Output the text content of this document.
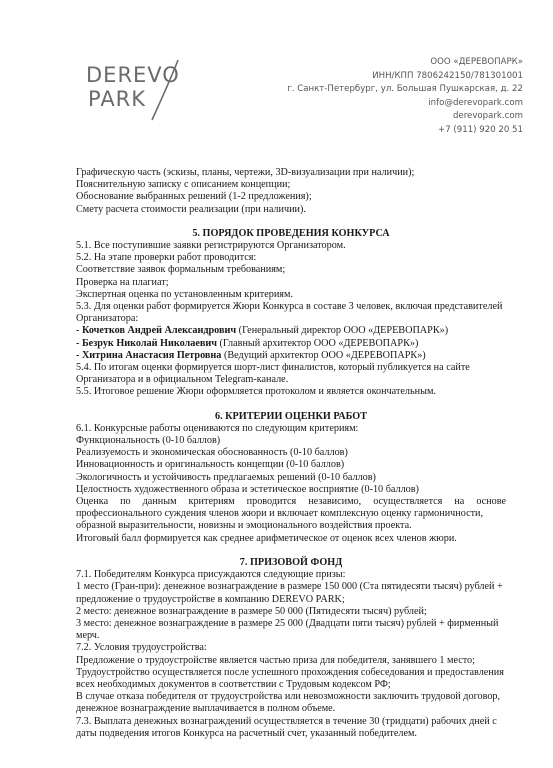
DEREVO
PARK
ООО «ДЕРЕВОПАРК»
ИНН/КПП 7806242150/781301001
г. Санкт-Петербург, ул. Большая Пушкарская, д. 22
info@derevopark.com
derevopark.com
+7 (911) 920 20 51
Графическую часть (эскизы, планы, чертежи, 3D-визуализации при наличии);
Пояснительную записку с описанием концепции;
Обоснование выбранных решений (1-2 предложения);
Смету расчета стоимости реализации (при наличии).
5. ПОРЯДОК ПРОВЕДЕНИЯ КОНКУРСА
5.1. Все поступившие заявки регистрируются Организатором.
5.2. На этапе проверки работ проводится:
Соответствие заявок формальным требованиям;
Проверка на плагиат;
Экспертная оценка по установленным критериям.
5.3. Для оценки работ формируется Жюри Конкурса в составе 3 человек, включая представителей
Организатора:
- Кочетков Андрей Александрович (Генеральный директор ООО «ДЕРЕВОПАРК»)
- Безрук Николай Николаевич (Главный архитектор ООО «ДЕРЕВОПАРК»)
- Хитрина Анастасия Петровна (Ведущий архитектор ООО «ДЕРЕВОПАРК»)
5.4. По итогам оценки формируется шорт-лист финалистов, который публикуется на сайте
Организатора и в официальном Telegram-канале.
5.5. Итоговое решение Жюри оформляется протоколом и является окончательным.
6. КРИТЕРИИ ОЦЕНКИ РАБОТ
6.1. Конкурсные работы оцениваются по следующим критериям:
Функциональность (0-10 баллов)
Реализуемость и экономическая обоснованность (0-10 баллов)
Инновационность и оригинальность концепции (0-10 баллов)
Экологичность и устойчивость предлагаемых решений (0-10 баллов)
Целостность художественного образа и эстетическое восприятие (0-10 баллов)
Оценка по данным критериям проводится независимо, осуществляется на основе
профессионального суждения членов жюри и включает комплексную оценку гармоничности,
образной выразительности, новизны и эмоционального воздействия проекта.
Итоговый балл формируется как среднее арифметическое от оценок всех членов жюри.
7. ПРИЗОВОЙ ФОНД
7.1. Победителям Конкурса присуждаются следующие призы:
1 место (Гран-при): денежное вознаграждение в размере 150 000 (Ста пятидесяти тысяч) рублей +
предложение о трудоустройстве в компанию DEREVO PARK;
2 место: денежное вознаграждение в размере 50 000 (Пятидесяти тысяч) рублей;
3 место: денежное вознаграждение в размере 25 000 (Двадцати пяти тысяч) рублей + фирменный
мерч.
7.2. Условия трудоустройства:
Предложение о трудоустройстве является частью приза для победителя, занявшего 1 место;
Трудоустройство осуществляется после успешного прохождения собеседования и предоставления
всех необходимых документов в соответствии с Трудовым кодексом РФ;
В случае отказа победителя от трудоустройства или невозможности заключить трудовой договор,
денежное вознаграждение выплачивается в полном объеме.
7.3. Выплата денежных вознаграждений осуществляется в течение 30 (тридцати) рабочих дней с
даты подведения итогов Конкурса на расчетный счет, указанный победителем.
